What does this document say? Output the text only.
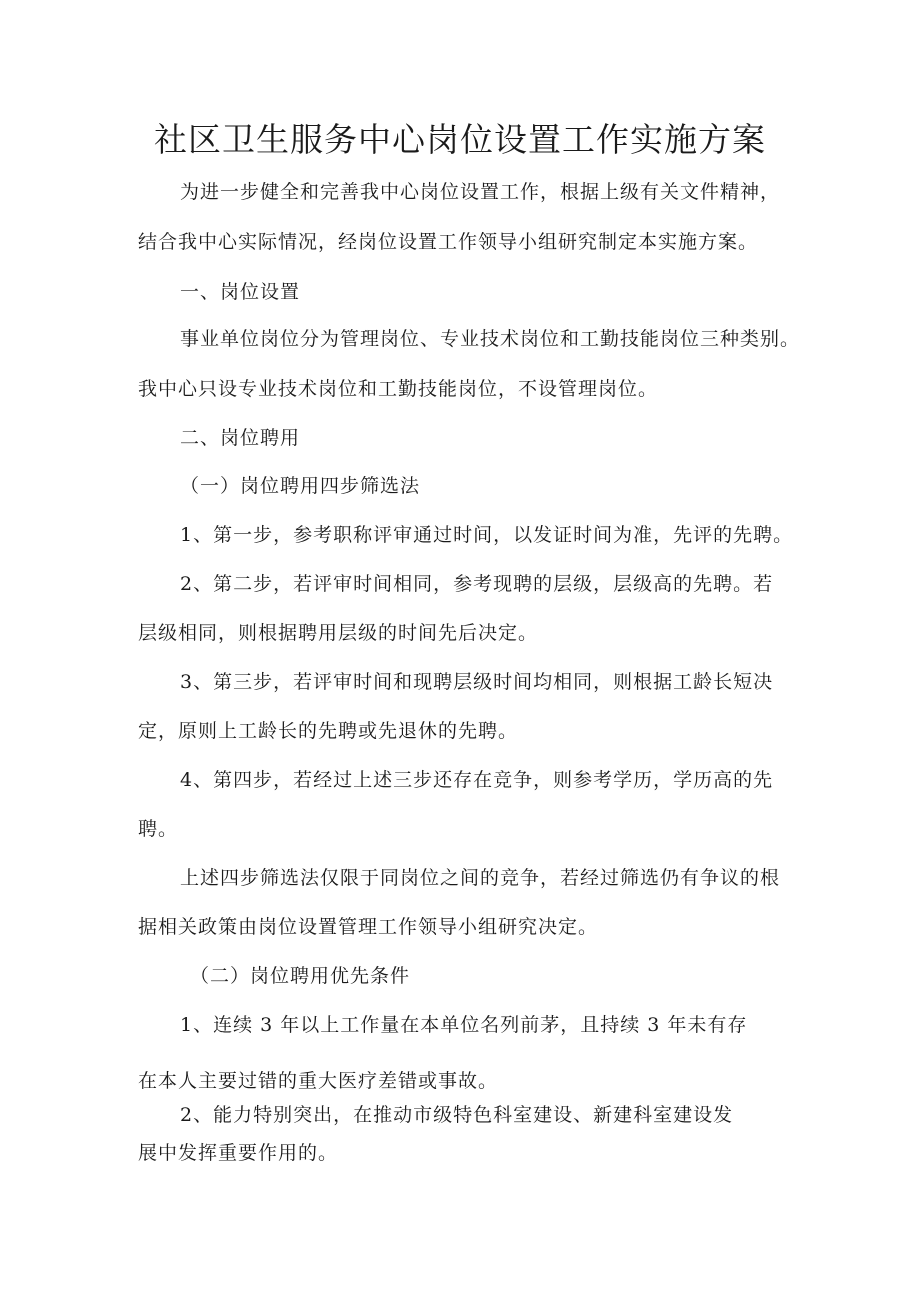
社区卫生服务中心岗位设置工作实施方案

为进一步健全和完善我中心岗位设置工作，根据上级有关文件精神，

结合我中心实际情况，经岗位设置工作领导小组研究制定本实施方案。

一、岗位设置

事业单位岗位分为管理岗位、专业技术岗位和工勤技能岗位三种类别。

我中心只设专业技术岗位和工勤技能岗位，不设管理岗位。

二、岗位聘用

（一）岗位聘用四步筛选法

1、第一步，参考职称评审通过时间，以发证时间为准，先评的先聘。

2、第二步，若评审时间相同，参考现聘的层级，层级高的先聘。若

层级相同，则根据聘用层级的时间先后决定。

3、第三步，若评审时间和现聘层级时间均相同，则根据工龄长短决

定，原则上工龄长的先聘或先退休的先聘。

4、第四步，若经过上述三步还存在竞争，则参考学历，学历高的先

聘。

上述四步筛选法仅限于同岗位之间的竞争，若经过筛选仍有争议的根

据相关政策由岗位设置管理工作领导小组研究决定。

（二）岗位聘用优先条件

1、连续 3 年以上工作量在本单位名列前茅，且持续 3 年未有存

在本人主要过错的重大医疗差错或事故。

2、能力特别突出，在推动市级特色科室建设、新建科室建设发

展中发挥重要作用的。
